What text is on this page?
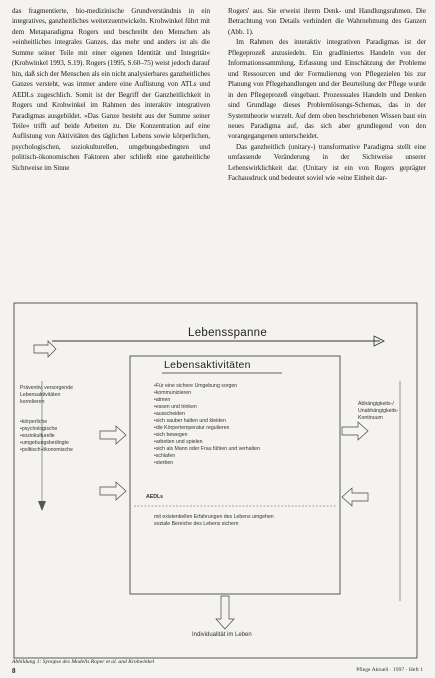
das fragmentierte, bio-medizinische Grundverständnis in ein integratives, ganzheitliches weiterzuentwickeln. Krohwinkel führt mit dem Metaparadigma Rogers und beschreibt den Menschen als »einheitliches integrales Ganzes, das mehr und anders ist als die Summe seiner Teile mit einer eigenen Identität und Integrität« (Krohwinkel 1993, S.19). Rogers (1995, S.60–75) weist jedoch darauf hin, daß sich der Menschen als ein nicht analysierbares ganzheitliches Ganzes versteht, was immer andere eine Auflistung von ATLs und AEDLs zugeschlich. Somit ist der Begriff der Ganzheitlichkeit in Rogers und Krohwinkel im Rahmen des interaktiv integrativen Paradigmas ausgebildet. »Das Ganze besteht aus der Summe seiner Teile« trifft auf beide Arbeiten zu. Die Konzentration auf eine Auflistung von Aktivitäten des täglichen Lebens sowie körperlichen, psychologischen, soziokulturellen, umgebungsbedingten und politisch-ökonomischen Faktoren aber schließt eine ganzheitliche Sichtweise im Sinne

Rogers' aus. Sie erweist ihrem Denk- und Handlungsrahmen. Die Betrachtung von Details verhindert die Wahrnehmung des Ganzen (Abb. 1).

Im Rahmen des interaktiv integrativen Paradigmas ist der Pflegeprozeß anzusiedeln. Ein gradliniertes Handeln von der Informationssammlung, Erfassung und Einschätzung der Probleme und Ressourcen und der Formulierung von Pflegezielen bis zur Planung von Pflegehandlungen und der Beurteilung der Pflege wurde in den Pflegeprozeß eingebaut. Prozessuales Handeln und Denken sind Grundlage dieses Problemlösungs-Schemas, das in der Systemtheorie wurzelt. Auf dem oben beschriebenen Wissen baut ein neues Paradigma auf, das sich aber grundlegend von den vorangegangenen unterscheidet.

Das ganzheitlich (unitary-) transformative Paradigma stellt eine umfassende Veränderung in der Sichtweise unserer Lebenswirklichkeit dar. (Unitary ist ein von Rogers geprägter Fachausdruck und bedeutet soviel wie »eine Einheit dar-

Lebensspanne
Lebensaktivitäten

Präventiv, versorgende

Lebensaktivitäten

korrelieren

•körperliche

•psychologische

•soziokulturelle

•umgebungsbedingte

•politisch-ökonomische

•Für eine sichere Umgebung sorgen

•kommunizieren

•atmen

•essen und trinken

•ausscheiden

•sich sauber halten und kleiden

•die Körpertemperatur regulieren

•sich bewegen

•arbeiten und spielen

•sich als Mann oder Frau fühlen und verhalten

•schlafen

•sterben

AEDLs

mit existentiellen Erfahrungen des Lebens umgehen

soziale Bereiche des Lebens sichern

Abhängigkeits-/

Unabhängigkeits-

Kontinuum

Individualität im Leben
Abbildung 1: Synopse des Modells Roper et al. und Krohwinkel
8	Pflege Aktuell · 1997 · Heft 1
